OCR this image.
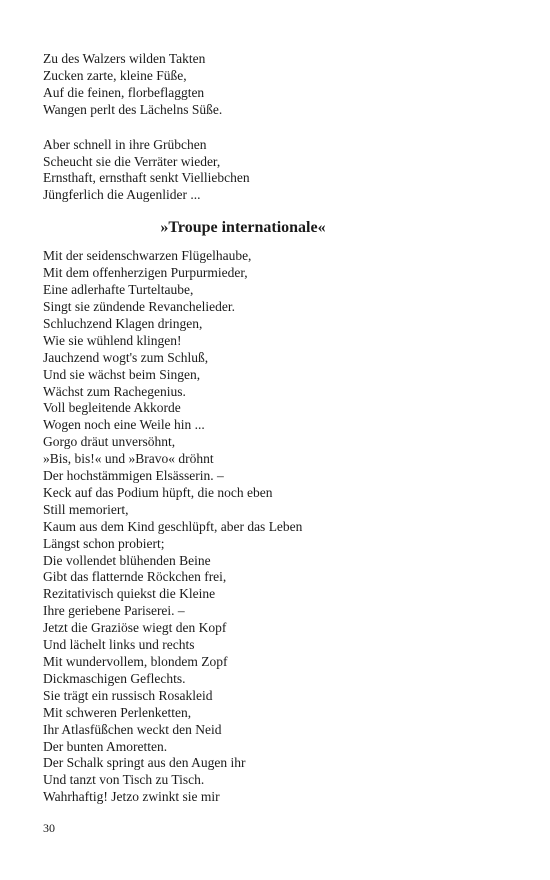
Zu des Walzers wilden Takten
Zucken zarte, kleine Füße,
Auf die feinen, florbeflaggten
Wangen perlt des Lächelns Süße.
Aber schnell in ihre Grübchen
Scheucht sie die Verräter wieder,
Ernsthaft, ernsthaft senkt Vielliebchen
Jüngferlich die Augenlider ...
»Troupe internationale«
Mit der seidenschwarzen Flügelhaube,
Mit dem offenherzigen Purpurmieder,
Eine adlerhafte Turteltaube,
Singt sie zündende Revanchelieder.
Schluchzend Klagen dringen,
Wie sie wühlend klingen!
Jauchzend wogt's zum Schluß,
Und sie wächst beim Singen,
Wächst zum Rachegenius.
Voll begleitende Akkorde
Wogen noch eine Weile hin ...
Gorgo dräut unversöhnt,
»Bis, bis!« und »Bravo« dröhnt
Der hochstämmigen Elsässerin. –
Keck auf das Podium hüpft, die noch eben
Still memoriert,
Kaum aus dem Kind geschlüpft, aber das Leben
Längst schon probiert;
Die vollendet blühenden Beine
Gibt das flatternde Röckchen frei,
Rezitativisch quiekst die Kleine
Ihre geriebene Pariserei. –
Jetzt die Graziöse wiegt den Kopf
Und lächelt links und rechts
Mit wundervollem, blondem Zopf
Dickmaschigen Geflechts.
Sie trägt ein russisch Rosakleid
Mit schweren Perlenketten,
Ihr Atlasfüßchen weckt den Neid
Der bunten Amoretten.
Der Schalk springt aus den Augen ihr
Und tanzt von Tisch zu Tisch.
Wahrhaftig! Jetzo zwinkt sie mir
30
